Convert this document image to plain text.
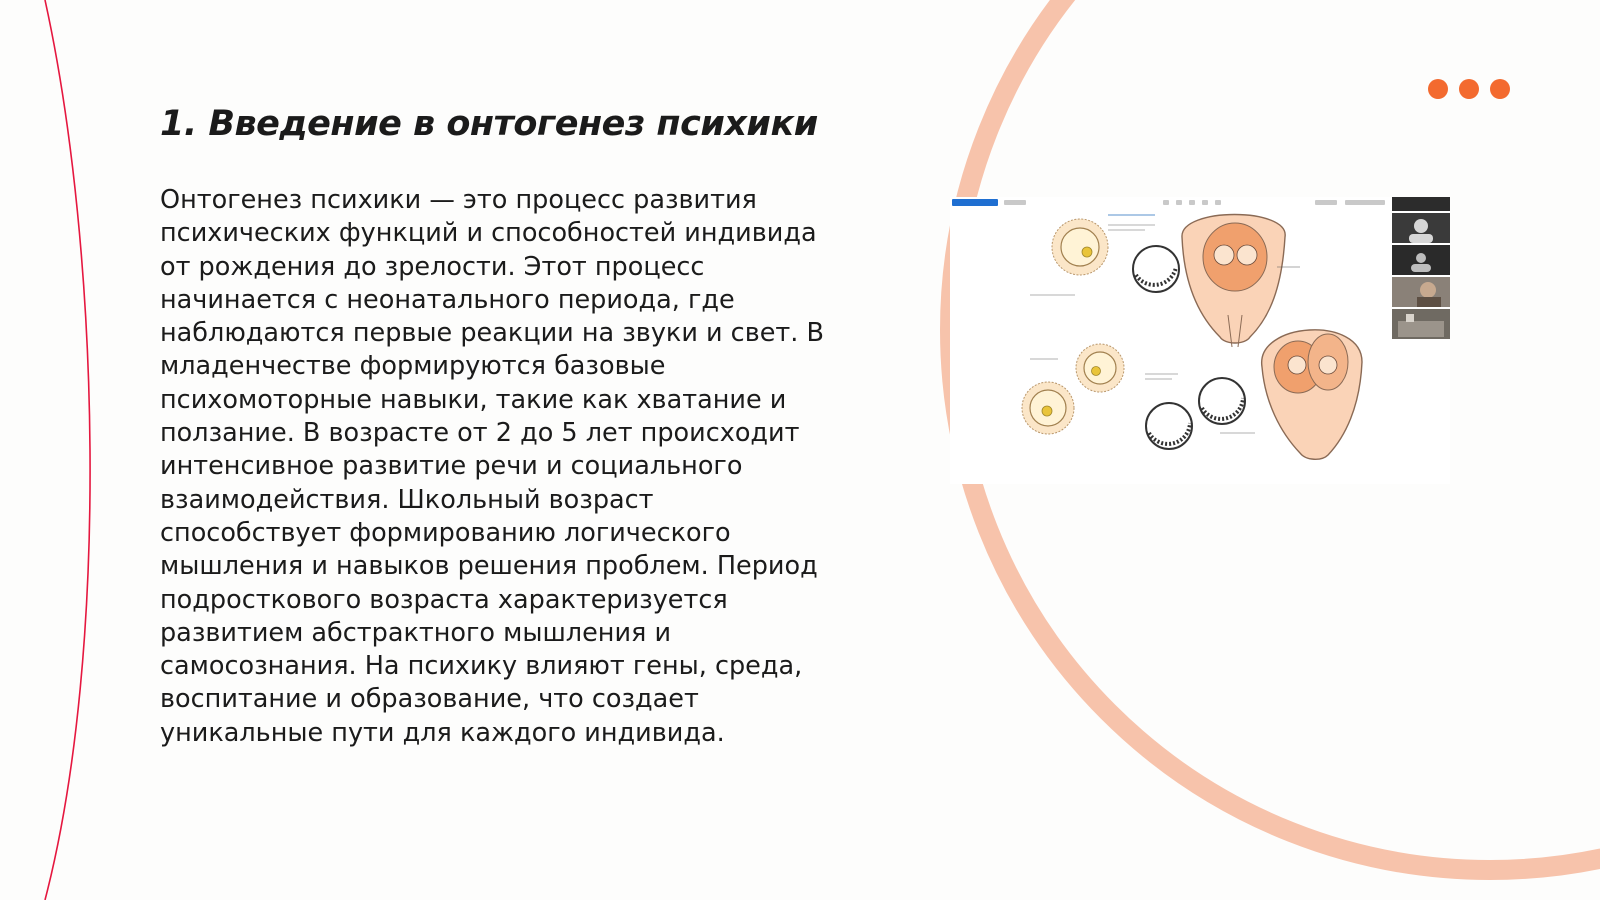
1. Введение в онтогенез психики

Онтогенез психики — это процесс развития
психических функций и способностей индивида
от рождения до зрелости. Этот процесс
начинается с неонатального периода, где
наблюдаются первые реакции на звуки и свет. В
младенчестве формируются базовые
психомоторные навыки, такие как хватание и
ползание. В возрасте от 2 до 5 лет происходит
интенсивное развитие речи и социального
взаимодействия. Школьный возраст
способствует формированию логического
мышления и навыков решения проблем. Период
подросткового возраста характеризуется
развитием абстрактного мышления и
самосознания. На психику влияют гены, среда,
воспитание и образование, что создает
уникальные пути для каждого индивида.
